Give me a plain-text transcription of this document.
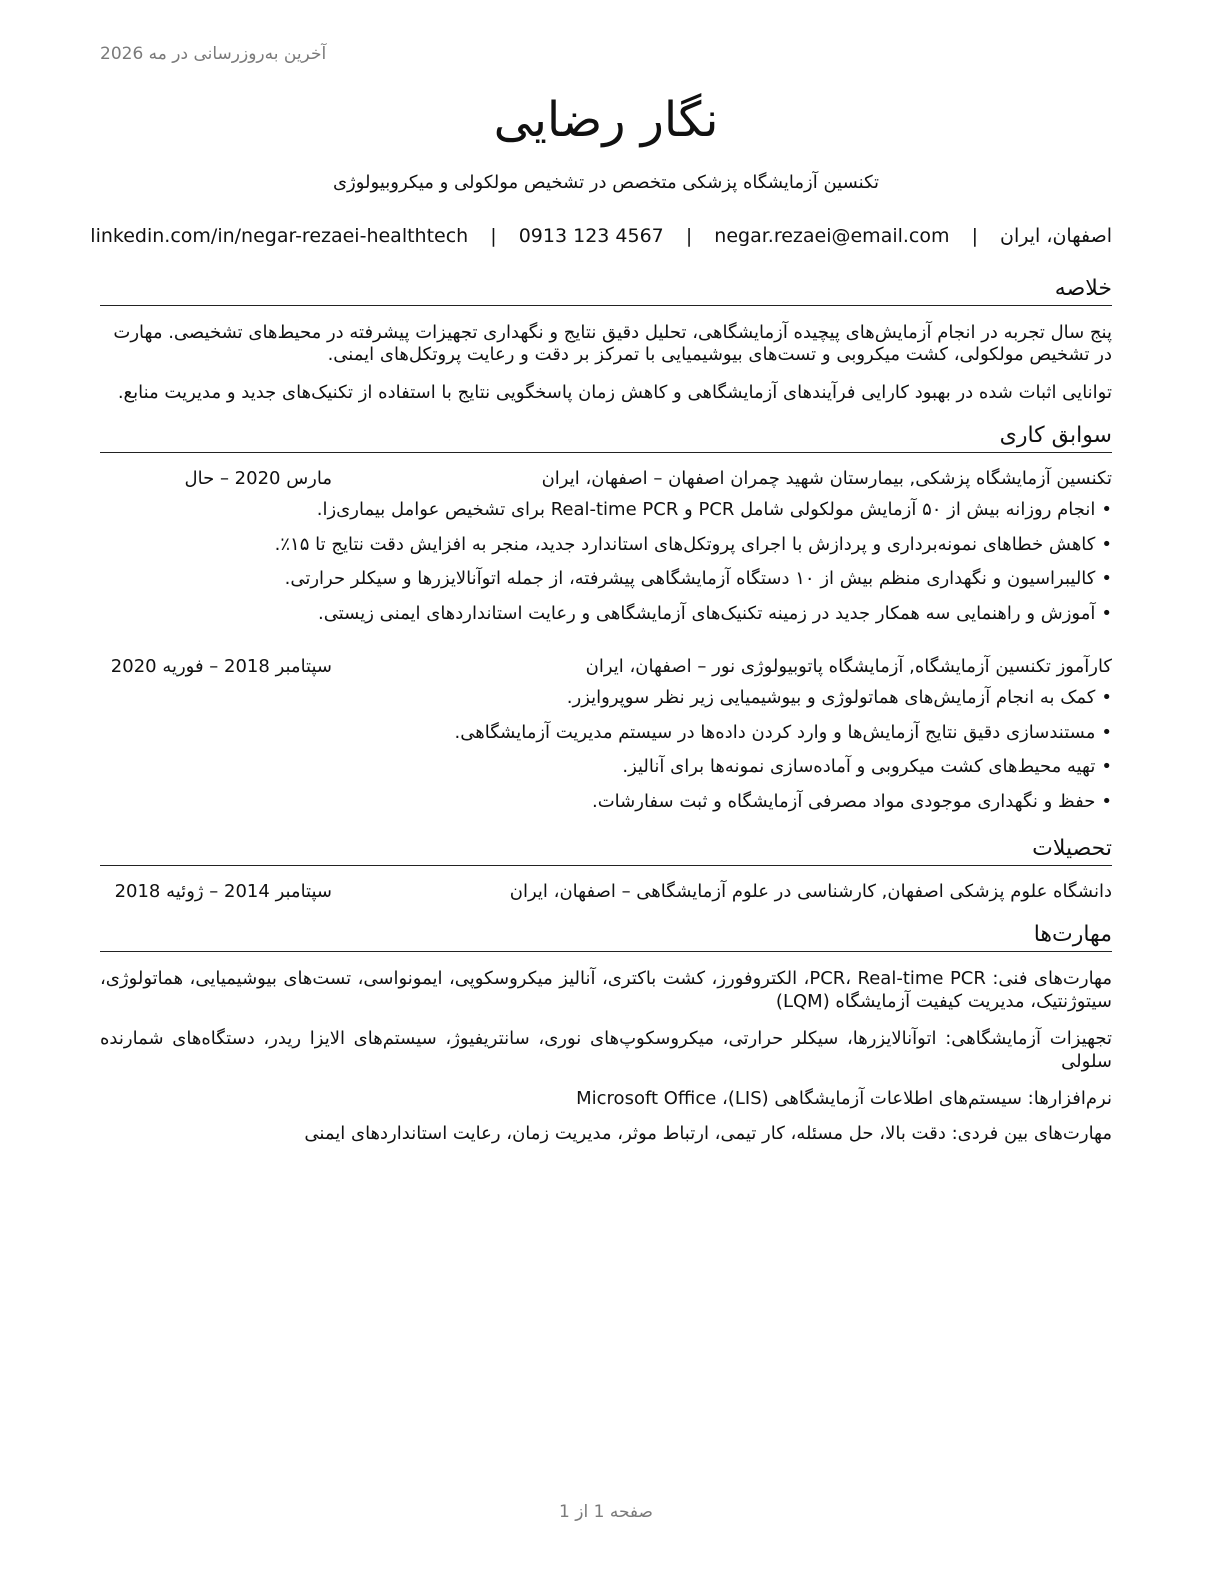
آخرین به‌روزرسانی در مه 2026
نگار رضایی
تکنسین آزمایشگاه پزشکی متخصص در تشخیص مولکولی و میکروبیولوژی
اصفهان، ایران | negar.rezaei@email.com | 0913 123 4567 | linkedin.com/in/negar-rezaei-healthtech
خلاصه
پنج سال تجربه در انجام آزمایش‌های پیچیده آزمایشگاهی، تحلیل دقیق نتایج و نگهداری تجهیزات پیشرفته در محیط‌های تشخیصی. مهارت در تشخیص مولکولی، کشت میکروبی و تست‌های بیوشیمیایی با تمرکز بر دقت و رعایت پروتکل‌های ایمنی.
توانایی اثبات شده در بهبود کارایی فرآیندهای آزمایشگاهی و کاهش زمان پاسخگویی نتایج با استفاده از تکنیک‌های جدید و مدیریت منابع.
سوابق کاری
تکنسین آزمایشگاه پزشکی, بیمارستان شهید چمران اصفهان – اصفهان، ایران
مارس 2020 – حال
•انجام روزانه بیش از ۵۰ آزمایش مولکولی شامل PCR و Real-time PCR برای تشخیص عوامل بیماری‌زا.
•کاهش خطاهای نمونه‌برداری و پردازش با اجرای پروتکل‌های استاندارد جدید، منجر به افزایش دقت نتایج تا ۱۵٪.
•کالیبراسیون و نگهداری منظم بیش از ۱۰ دستگاه آزمایشگاهی پیشرفته، از جمله اتوآنالایزرها و سیکلر حرارتی.
•آموزش و راهنمایی سه همکار جدید در زمینه تکنیک‌های آزمایشگاهی و رعایت استانداردهای ایمنی زیستی.
کارآموز تکنسین آزمایشگاه, آزمایشگاه پاتوبیولوژی نور – اصفهان، ایران
سپتامبر 2018 – فوریه 2020
•کمک به انجام آزمایش‌های هماتولوژی و بیوشیمیایی زیر نظر سوپروایزر.
•مستندسازی دقیق نتایج آزمایش‌ها و وارد کردن داده‌ها در سیستم مدیریت آزمایشگاهی.
•تهیه محیط‌های کشت میکروبی و آماده‌سازی نمونه‌ها برای آنالیز.
•حفظ و نگهداری موجودی مواد مصرفی آزمایشگاه و ثبت سفارشات.
تحصیلات
دانشگاه علوم پزشکی اصفهان, کارشناسی در علوم آزمایشگاهی – اصفهان، ایران
سپتامبر 2014 – ژوئیه 2018
مهارت‌ها
مهارت‌های فنی: PCR، Real-time PCR، الکتروفورز، کشت باکتری، آنالیز میکروسکوپی، ایمونواسی، تست‌های بیوشیمیایی، هماتولوژی، سیتوژنتیک، مدیریت کیفیت آزمایشگاه (LQM)
تجهیزات آزمایشگاهی: اتوآنالایزرها، سیکلر حرارتی، میکروسکوپ‌های نوری، سانتریفیوژ، سیستم‌های الایزا ریدر، دستگاه‌های شمارنده سلولی
نرم‌افزارها: سیستم‌های اطلاعات آزمایشگاهی (LIS)، Microsoft Office
مهارت‌های بین فردی: دقت بالا، حل مسئله، کار تیمی، ارتباط موثر، مدیریت زمان، رعایت استانداردهای ایمنی
صفحه 1 از 1
